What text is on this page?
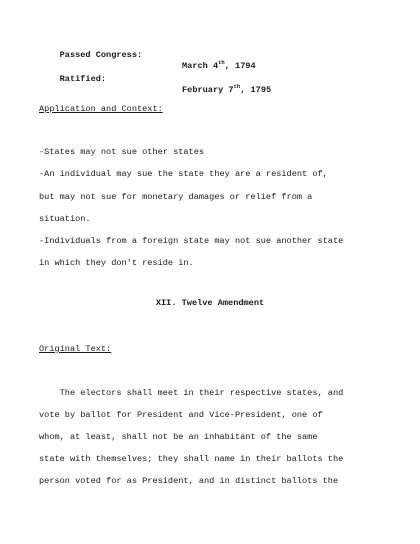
Passed Congress:

March 4th, 1794

Ratified:

February 7th, 1795

Application and Context:
-States may not sue other states
-An individual may sue the state they are a resident of,
but may not sue for monetary damages or relief from a
situation.
-Individuals from a foreign state may not sue another state
in which they don't reside in.
XII. Twelve Amendment
Original Text:
The electors shall meet in their respective states, and
vote by ballot for President and Vice-President, one of
whom, at least, shall not be an inhabitant of the same
state with themselves; they shall name in their ballots the
person voted for as President, and in distinct ballots the
